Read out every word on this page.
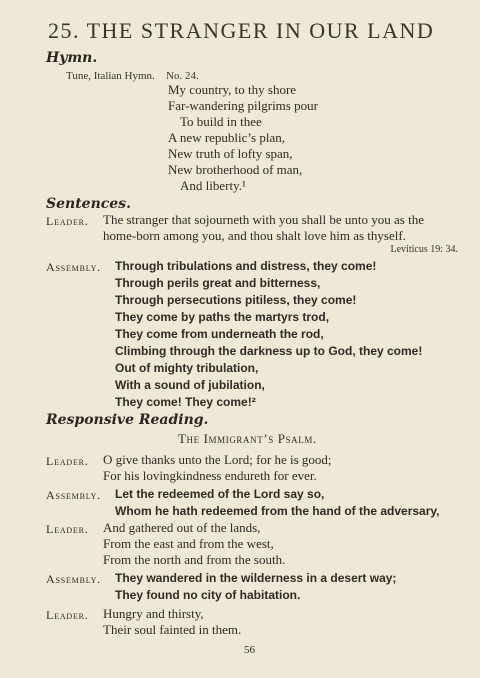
25. THE STRANGER IN OUR LAND
Hymn.
Tune, Italian Hymn. No. 24.
My country, to thy shore
Far-wandering pilgrims pour
To build in thee
A new republic’s plan,
New truth of lofty span,
New brotherhood of man,
And liberty.¹
Sentences.
Leader. The stranger that sojourneth with you shall be unto you as the
home-born among you, and thou shalt love him as thyself.
Leviticus 19: 34.
Assembly. Through tribulations and distress, they come!
Through perils great and bitterness,
Through persecutions pitiless, they come!
They come by paths the martyrs trod,
They come from underneath the rod,
Climbing through the darkness up to God, they come!
Out of mighty tribulation,
With a sound of jubilation,
They come! They come!²
Responsive Reading.
The Immigrant’s Psalm.
Leader. O give thanks unto the Lord; for he is good;
For his lovingkindness endureth for ever.
Assembly. Let the redeemed of the Lord say so,
Whom he hath redeemed from the hand of the adversary,
Leader. And gathered out of the lands,
From the east and from the west,
From the north and from the south.
Assembly. They wandered in the wilderness in a desert way;
They found no city of habitation.
Leader. Hungry and thirsty,
Their soul fainted in them.
56
